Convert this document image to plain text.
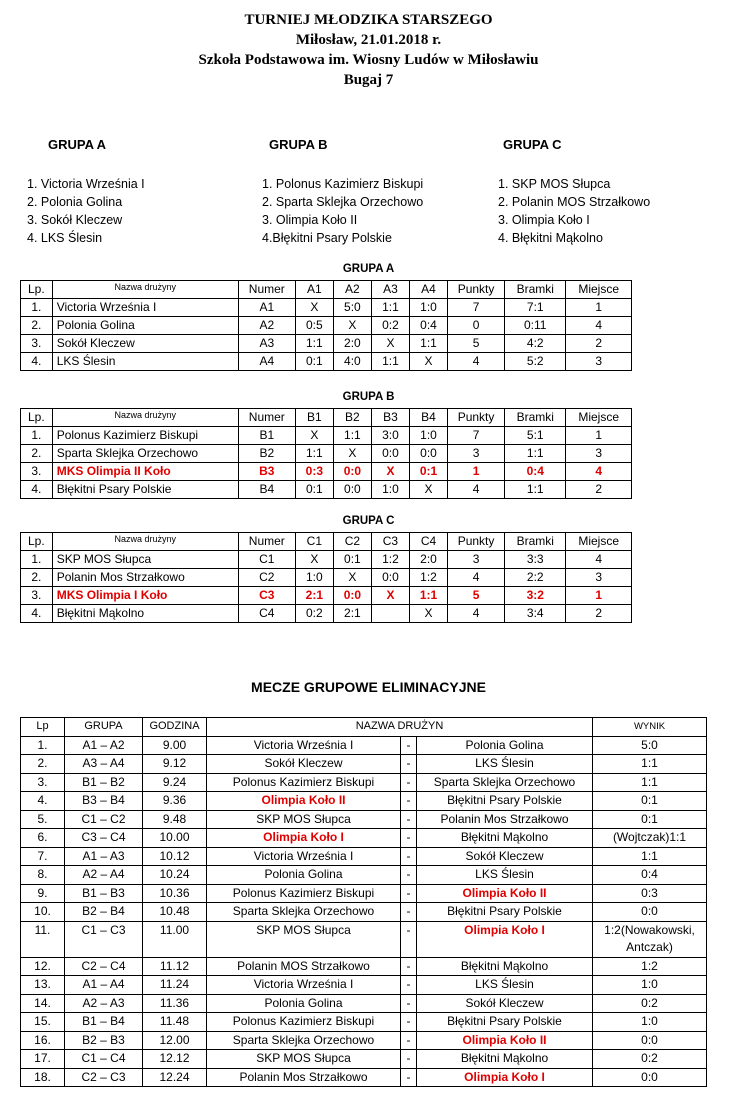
TURNIEJ MŁODZIKA STARSZEGO
Miłosław, 21.01.2018 r.
Szkoła Podstawowa im. Wiosny Ludów w Miłosławiu
Bugaj 7
GRUPA A	GRUPA B	GRUPA C
1. Victoria Września I
2. Polonia Golina
3. Sokół Kleczew
4. LKS Ślesin
1. Polonus Kazimierz Biskupi
2. Sparta Sklejka Orzechowo
3. Olimpia Koło II
4.Błękitni Psary Polskie
1. SKP MOS Słupca
2. Polanin MOS Strzałkowo
3. Olimpia Koło I
4. Błękitni Mąkolno
GRUPA A
Lp.	Nazwa drużyny	Numer	A1	A2	A3	A4	Punkty	Bramki	Miejsce
1.	Victoria Września I	A1	X	5:0	1:1	1:0	7	7:1	1
2.	Polonia Golina	A2	0:5	X	0:2	0:4	0	0:11	4
3.	Sokół Kleczew	A3	1:1	2:0	X	1:1	5	4:2	2
4.	LKS Ślesin	A4	0:1	4:0	1:1	X	4	5:2	3
GRUPA B
Lp.	Nazwa drużyny	Numer	B1	B2	B3	B4	Punkty	Bramki	Miejsce
1.	Polonus Kazimierz Biskupi	B1	X	1:1	3:0	1:0	7	5:1	1
2.	Sparta Sklejka Orzechowo	B2	1:1	X	0:0	0:0	3	1:1	3
3.	MKS Olimpia II Koło	B3	0:3	0:0	X	0:1	1	0:4	4
4.	Błękitni Psary Polskie	B4	0:1	0:0	1:0	X	4	1:1	2
GRUPA C
Lp.	Nazwa drużyny	Numer	C1	C2	C3	C4	Punkty	Bramki	Miejsce
1.	SKP MOS Słupca	C1	X	0:1	1:2	2:0	3	3:3	4
2.	Polanin Mos Strzałkowo	C2	1:0	X	0:0	1:2	4	2:2	3
3.	MKS Olimpia I Koło	C3	2:1	0:0	X	1:1	5	3:2	1
4.	Błękitni Mąkolno	C4	0:2	2:1		X	4	3:4	2
MECZE GRUPOWE ELIMINACYJNE
Lp	GRUPA	GODZINA	NAZWA DRUŻYN			WYNIK
1.	A1 – A2	9.00	Victoria Września I	-	Polonia Golina	5:0
2.	A3 – A4	9.12	Sokół Kleczew	-	LKS Ślesin	1:1
3.	B1 – B2	9.24	Polonus Kazimierz Biskupi	-	Sparta Sklejka Orzechowo	1:1
4.	B3 – B4	9.36	Olimpia Koło II	-	Błękitni Psary Polskie	0:1
5.	C1 – C2	9.48	SKP MOS Słupca	-	Polanin Mos Strzałkowo	0:1
6.	C3 – C4	10.00	Olimpia Koło I	-	Błękitni Mąkolno	(Wojtczak)1:1
7.	A1 – A3	10.12	Victoria Września I	-	Sokół Kleczew	1:1
8.	A2 – A4	10.24	Polonia Golina	-	LKS Ślesin	0:4
9.	B1 – B3	10.36	Polonus Kazimierz Biskupi	-	Olimpia Koło II	0:3
10.	B2 – B4	10.48	Sparta Sklejka Orzechowo	-	Błękitni Psary Polskie	0:0
11.	C1 – C3	11.00	SKP MOS Słupca	-	Olimpia Koło I	1:2(Nowakowski, Antczak)
12.	C2 – C4	11.12	Polanin MOS Strzałkowo	-	Błękitni Mąkolno	1:2
13.	A1 – A4	11.24	Victoria Września I	-	LKS Ślesin	1:0
14.	A2 – A3	11.36	Polonia Golina	-	Sokół Kleczew	0:2
15.	B1 – B4	11.48	Polonus Kazimierz Biskupi	-	Błękitni Psary Polskie	1:0
16.	B2 – B3	12.00	Sparta Sklejka Orzechowo	-	Olimpia Koło II	0:0
17.	C1 – C4	12.12	SKP MOS Słupca	-	Błękitni Mąkolno	0:2
18.	C2 – C3	12.24	Polanin Mos Strzałkowo	-	Olimpia Koło I	0:0
